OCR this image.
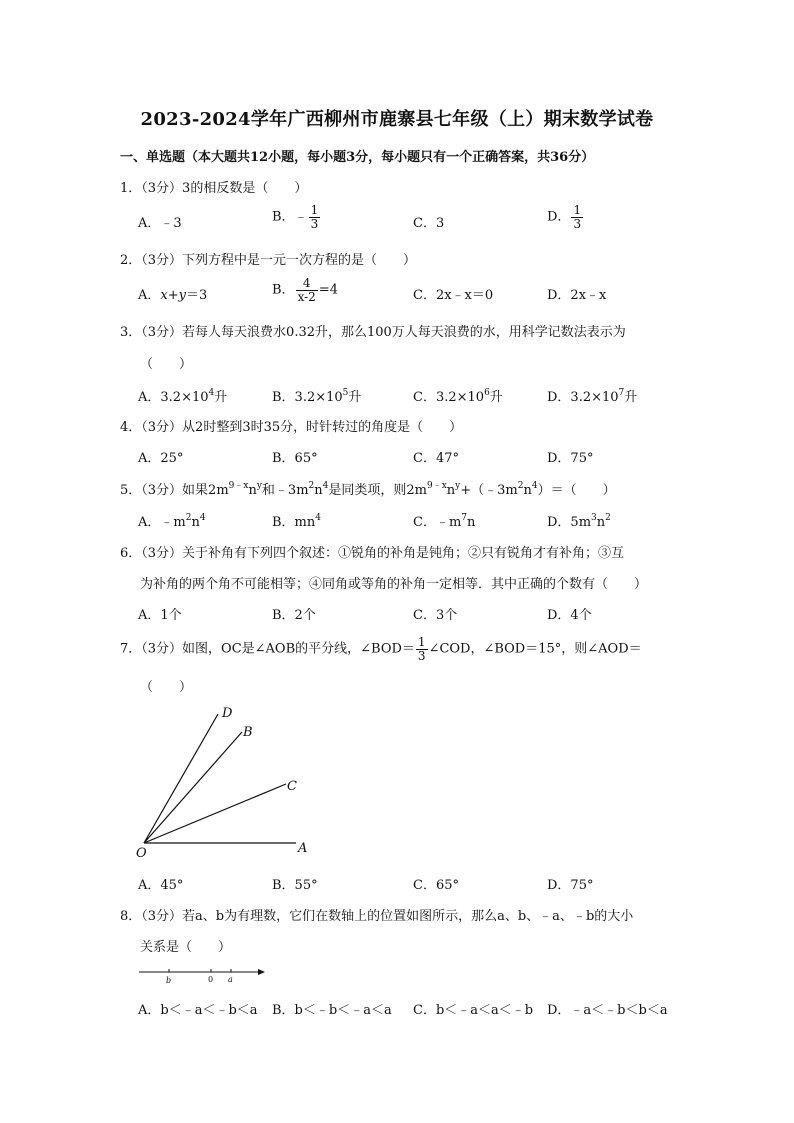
2023-2024学年广西柳州市鹿寨县七年级（上）期末数学试卷
一、单选题（本大题共12小题，每小题3分，每小题只有一个正确答案，共36分）
1．（3分）3的相反数是（　　）
A．﹣3	B．﹣ $\frac{1}{3}$	C．3	D． $\frac{1}{3}$
2．（3分）下列方程中是一元一次方程的是（　　）
A．x+y＝3	B． $\frac{4}{x-2} =4$	C．2x﹣x＝0	D．2x﹣x
3．（3分）若每人每天浪费水0.32升，那么100万人每天浪费的水，用科学记数法表示为
（　　）
A．$3.2\times 10^4$升	B．$3.2\times 10^5$升	C．$3.2\times 10^6$升	D．$3.2\times 10^7$升
4．（3分）从2时整到3时35分，时针转过的角度是（　　）
A．25°	B．65°	C．47°	D．75°
5．（3分）如果$2m^{9﹣x}n^y$和$﹣3m^2n^4$是同类项，则$2m^{9﹣x}n^y+(﹣3m^2n^4)=$（　　）
A．$﹣m^2n^4$	B．$mn^4$	C．$﹣m^7n$	D．$5m^3n^2$
6．（3分）关于补角有下列四个叙述：①锐角的补角是钝角；②只有锐角才有补角；③互
为补角的两个角不可能相等；④同角或等角的补角一定相等．其中正确的个数有（　　）
A．1个	B．2个	C．3个	D．4个
7．（3分）如图，OC是∠AOB的平分线，∠BOD＝ $\frac{1}{3}$ ∠COD，∠BOD＝15°，则∠AOD＝
（　　）
D
B
C
O	A
A．45°	B．55°	C．65°	D．75°
8．（3分）若a、b为有理数，它们在数轴上的位置如图所示，那么a、b、﹣a、﹣b的大小
关系是（　　）
b	0 a
A．b＜﹣a＜﹣b＜a B．b＜﹣b＜﹣a＜a C．b＜﹣a＜a＜﹣b D．﹣a＜﹣b＜b＜a
